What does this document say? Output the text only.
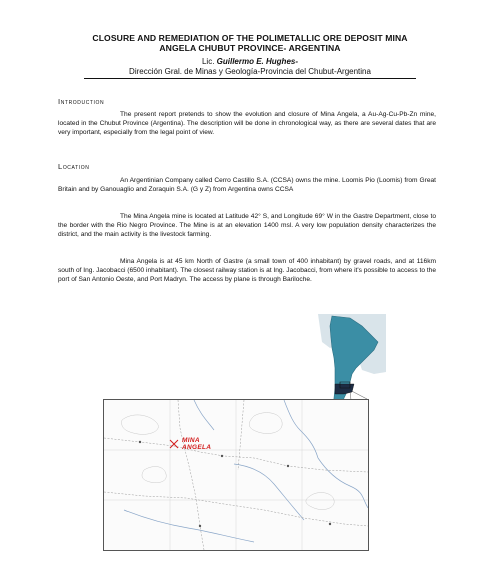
CLOSURE AND REMEDIATION OF THE POLIMETALLIC ORE DEPOSIT MINA
ANGELA CHUBUT PROVINCE- ARGENTINA
Lic. Guillermo E. Hughes-
Dirección Gral. de Minas y Geología-Provincia del Chubut-Argentina
Introduction
The present report pretends to show the evolution and closure of Mina Angela, a Au-Ag-Cu-Pb-Zn mine, located in the Chubut Province (Argentina). The description will be done in chronological way, as there are several dates that are very important, especially from the legal point of view.
Location
An Argentinian Company called Cerro Castillo S.A. (CCSA) owns the mine. Loomis Pio (Loomis) from Great Britain and by Ganouaglio and Zoraquin S.A. (G y Z) from Argentina owns CCSA
The Mina Angela mine is located at Latitude 42° S, and Longitude 69° W in the Gastre Department, close to the border with the Rio Negro Province. The Mine is at an elevation 1400 msl. A very low population density characterizes the district, and the main activity is the livestock farming.
Mina Angela is at 45 km North of Gastre (a small town of 400 inhabitant) by gravel roads, and at 116km south of Ing. Jacobacci (6500 inhabitant). The closest railway station is at Ing. Jacobacci, from where it's possible to access to the port of San Antonio Oeste, and Port Madryn. The access by plane is through Bariloche.
MINA
ANGELA
